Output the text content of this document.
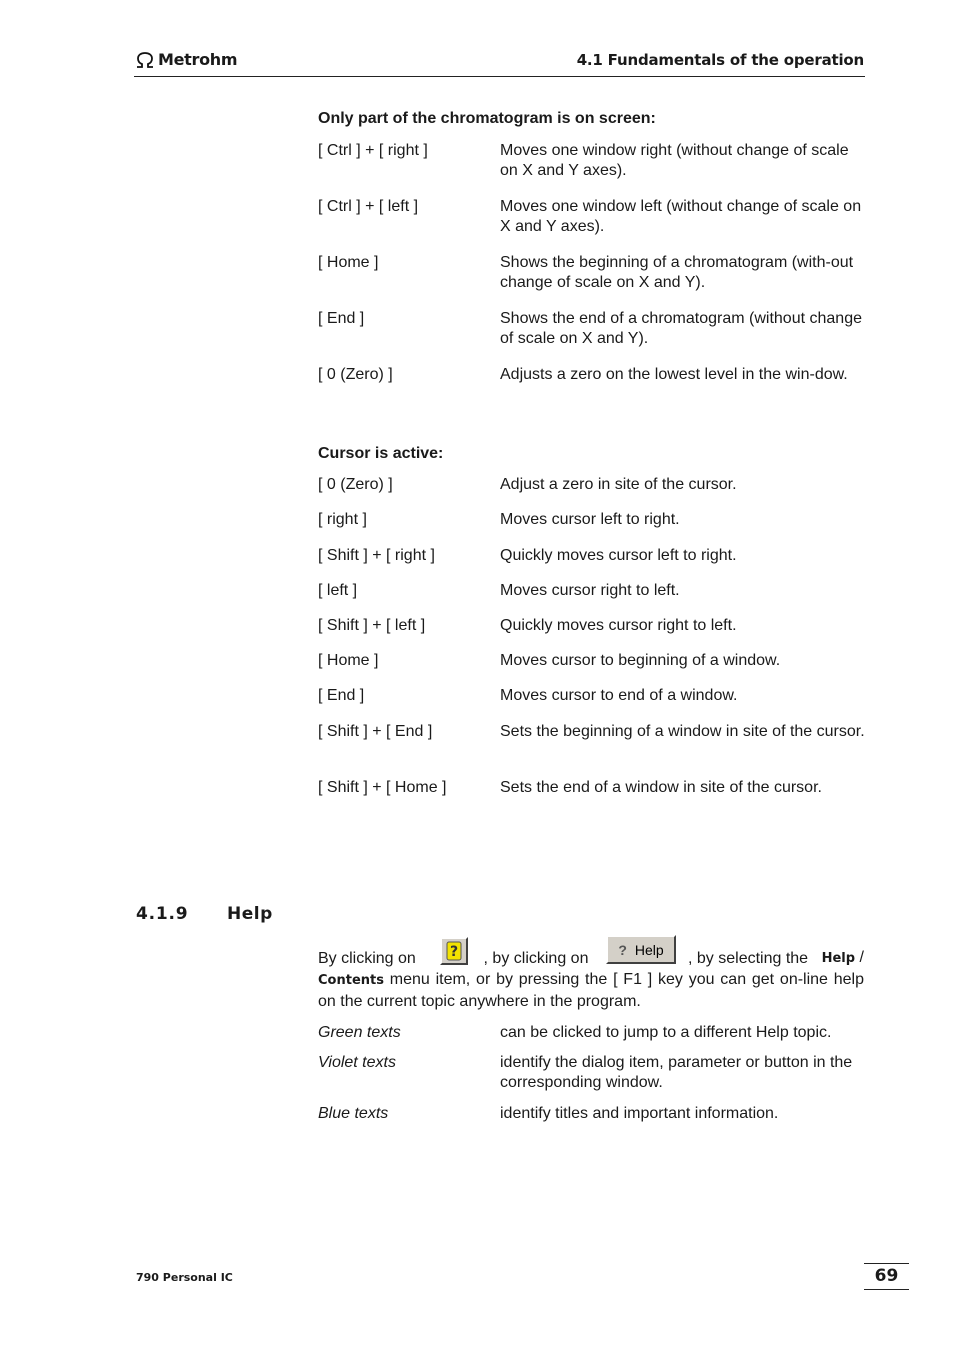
Metrohm	4.1 Fundamentals of the operation
Only part of the chromatogram is on screen:
[ Ctrl ] + [ right ]	Moves one window right (without change of scale on X and Y axes).
[ Ctrl ] + [ left ]	Moves one window left (without change of scale on X and Y axes).
[ Home ]	Shows the beginning of a chromatogram (with-out change of scale on X and Y).
[ End ]	Shows the end of a chromatogram (without change of scale on X and Y).
[ 0 (Zero) ]	Adjusts a zero on the lowest level in the win-dow.
Cursor is active:
[ 0 (Zero) ]	Adjust a zero in site of the cursor.
[ right ]	Moves cursor left to right.
[ Shift ] + [ right ]	Quickly moves cursor left to right.
[ left ]	Moves cursor right to left.
[ Shift ] + [ left ]	Quickly moves cursor right to left.
[ Home ]	Moves cursor to beginning of a window.
[ End ]	Moves cursor to end of a window.
[ Shift ] + [ End ]	Sets the beginning of a window in site of the cursor.
[ Shift ] + [ Home ]	Sets the end of a window in site of the cursor.
4.1.9 Help
?	? Help
By clicking on	, by clicking on	, by selecting the Help /
Contents menu item, or by pressing the [ F1 ] key you can get on-line help on the current topic anywhere in the program.
Green texts	can be clicked to jump to a different Help topic.
Violet texts	identify the dialog item, parameter or button in the corresponding window.
Blue texts	identify titles and important information.
790 Personal IC	69
